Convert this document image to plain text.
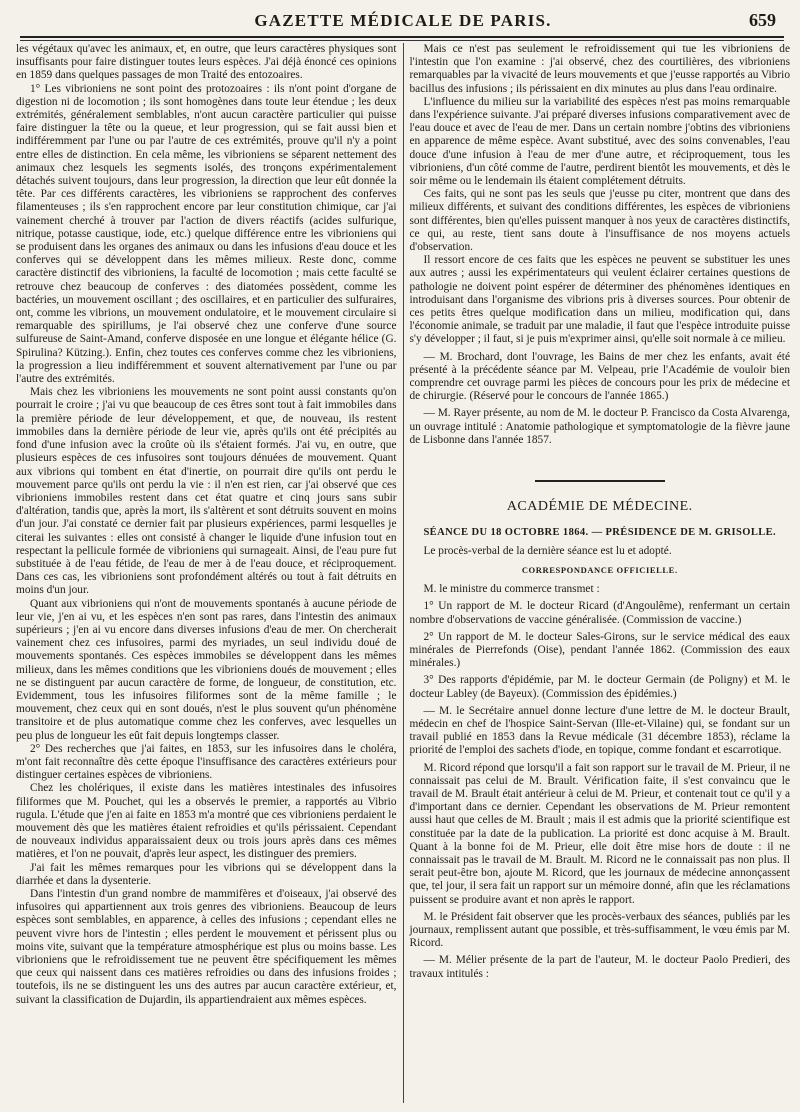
GAZETTE MÉDICALE DE PARIS.	659

les végétaux qu'avec les animaux, et, en outre, que leurs caractères physiques sont insuffisants pour faire distinguer toutes leurs espèces. J'ai déjà énoncé ces opinions en 1859 dans quelques passages de mon Traité des entozoaires.

1° Les vibrioniens ne sont point des protozoaires : ils n'ont point d'organe de digestion ni de locomotion ; ils sont homogènes dans toute leur étendue ; les deux extrémités, généralement semblables, n'ont aucun caractère particulier qui puisse faire distinguer la tête ou la queue, et leur progression, qui se fait aussi bien et indifféremment par l'une ou par l'autre de ces extrémités, prouve qu'il n'y a point entre elles de distinction. En cela même, les vibrioniens se séparent nettement des animaux chez lesquels les segments isolés, des tronçons expérimentalement détachés suivent toujours, dans leur progression, la direction que leur eût donnée la tête. Par ces différents caractères, les vibrioniens se rapprochent des conferves filamenteuses ; ils s'en rapprochent encore par leur constitution chimique, car j'ai vainement cherché à trouver par l'action de divers réactifs (acides sulfurique, nitrique, potasse caustique, iode, etc.) quelque différence entre les vibrioniens qui se produisent dans les organes des animaux ou dans les infusions d'eau douce et les conferves qui se développent dans les mêmes milieux. Reste donc, comme caractère distinctif des vibrioniens, la faculté de locomotion ; mais cette faculté se retrouve chez beaucoup de conferves : des diatomées possèdent, comme les bactéries, un mouvement oscillant ; des oscillaires, et en particulier des sulfuraires, ont, comme les vibrions, un mouvement ondulatoire, et le mouvement circulaire si remarquable des spirillums, je l'ai observé chez une conferve d'une source sulfureuse de Saint-Amand, conferve disposée en une longue et élégante hélice (G. Spirulina? Kützing.). Enfin, chez toutes ces conferves comme chez les vibrioniens, la progression a lieu indifféremment et souvent alternativement par l'une ou par l'autre des extrémités.

Mais chez les vibrioniens les mouvements ne sont point aussi constants qu'on pourrait le croire ; j'ai vu que beaucoup de ces êtres sont tout à fait immobiles dans la première période de leur développement, et que, de nouveau, ils restent immobiles dans la dernière période de leur vie, après qu'ils ont été précipités au fond d'une infusion avec la croûte où ils s'étaient formés. J'ai vu, en outre, que plusieurs espèces de ces infusoires sont toujours dénuées de mouvement. Quant aux vibrions qui tombent en état d'inertie, on pourrait dire qu'ils ont perdu le mouvement parce qu'ils ont perdu la vie : il n'en est rien, car j'ai observé que ces vibrioniens immobiles restent dans cet état quatre et cinq jours sans subir d'altération, tandis que, après la mort, ils s'altèrent et sont détruits souvent en moins d'un jour. J'ai constaté ce dernier fait par plusieurs expériences, parmi lesquelles je citerai les suivantes : elles ont consisté à changer le liquide d'une infusion tout en respectant la pellicule formée de vibrioniens qui surnageait. Ainsi, de l'eau pure fut substituée à de l'eau fétide, de l'eau de mer à de l'eau douce, et réciproquement. Dans ces cas, les vibrioniens sont profondément altérés ou tout à fait détruits en moins d'un jour.

Quant aux vibrioniens qui n'ont de mouvements spontanés à aucune période de leur vie, j'en ai vu, et les espèces n'en sont pas rares, dans l'intestin des animaux supérieurs ; j'en ai vu encore dans diverses infusions d'eau de mer. On chercherait vainement chez ces infusoires, parmi des myriades, un seul individu doué de mouvements spontanés. Ces espèces immobiles se développent dans les mêmes milieux, dans les mêmes conditions que les vibrioniens doués de mouvement ; elles ne se distinguent par aucun caractère de forme, de longueur, de constitution, etc. Evidemment, tous les infusoires filiformes sont de la même famille ; le mouvement, chez ceux qui en sont doués, n'est le plus souvent qu'un phénomène transitoire et de plus automatique comme chez les conferves, avec lesquelles un peu plus de longueur les eût fait depuis longtemps classer.

2° Des recherches que j'ai faites, en 1853, sur les infusoires dans le choléra, m'ont fait reconnaître dès cette époque l'insuffisance des caractères extérieurs pour distinguer certaines espèces de vibrioniens.

Chez les cholériques, il existe dans les matières intestinales des infusoires filiformes que M. Pouchet, qui les a observés le premier, a rapportés au Vibrio rugula. L'étude que j'en ai faite en 1853 m'a montré que ces vibrioniens perdaient le mouvement dès que les matières étaient refroidies et qu'ils périssaient. Cependant de nouveaux individus apparaissaient deux ou trois jours après dans ces mêmes matières, et l'on ne pouvait, d'après leur aspect, les distinguer des premiers.

J'ai fait les mêmes remarques pour les vibrions qui se développent dans la diarrhée et dans la dysenterie.

Dans l'intestin d'un grand nombre de mammifères et d'oiseaux, j'ai observé des infusoires qui appartiennent aux trois genres des vibrioniens. Beaucoup de leurs espèces sont semblables, en apparence, à celles des infusions ; cependant elles ne peuvent vivre hors de l'intestin ; elles perdent le mouvement et périssent plus ou moins vite, suivant que la température atmosphérique est plus ou moins basse. Les vibrioniens que le refroidissement tue ne peuvent être spécifiquement les mêmes que ceux qui naissent dans ces matières refroidies ou dans des infusions froides ; toutefois, ils ne se distinguent les uns des autres par aucun caractère extérieur, et, suivant la classification de Dujardin, ils appartiendraient aux mêmes espèces.

Mais ce n'est pas seulement le refroidissement qui tue les vibrioniens de l'intestin que l'on examine : j'ai observé, chez des courtilières, des vibrioniens remarquables par la vivacité de leurs mouvements et que j'eusse rapportés au Vibrio bacillus des infusions ; ils périssaient en dix minutes au plus dans l'eau ordinaire.

L'influence du milieu sur la variabilité des espèces n'est pas moins remarquable dans l'expérience suivante. J'ai préparé diverses infusions comparativement avec de l'eau douce et avec de l'eau de mer. Dans un certain nombre j'obtins des vibrioniens en apparence de même espèce. Avant substitué, avec des soins convenables, l'eau douce d'une infusion à l'eau de mer d'une autre, et réciproquement, tous les vibrioniens, d'un côté comme de l'autre, perdirent bientôt les mouvements, et dès le soir même ou le lendemain ils étaient complétement détruits.

Ces faits, qui ne sont pas les seuls que j'eusse pu citer, montrent que dans des milieux différents, et suivant des conditions différentes, les espèces de vibrioniens sont différentes, bien qu'elles puissent manquer à nos yeux de caractères distinctifs, ce qui, au reste, tient sans doute à l'insuffisance de nos moyens actuels d'observation.

Il ressort encore de ces faits que les espèces ne peuvent se substituer les unes aux autres ; aussi les expérimentateurs qui veulent éclairer certaines questions de pathologie ne doivent point espérer de déterminer des phénomènes identiques en introduisant dans l'organisme des vibrions pris à diverses sources. Pour obtenir de ces petits êtres quelque modification dans un milieu, modification qui, dans l'économie animale, se traduit par une maladie, il faut que l'espèce introduite puisse s'y développer ; il faut, si je puis m'exprimer ainsi, qu'elle soit normale à ce milieu.

— M. Brochard, dont l'ouvrage, les Bains de mer chez les enfants, avait été présenté à la précédente séance par M. Velpeau, prie l'Académie de vouloir bien comprendre cet ouvrage parmi les pièces de concours pour les prix de médecine et de chirurgie. (Réservé pour le concours de l'année 1865.)

— M. Rayer présente, au nom de M. le docteur P. Francisco da Costa Alvarenga, un ouvrage intitulé : Anatomie pathologique et symptomatologie de la fièvre jaune de Lisbonne dans l'année 1857.

ACADÉMIE DE MÉDECINE.
SÉANCE DU 18 OCTOBRE 1864. — PRÉSIDENCE DE M. GRISOLLE.

Le procès-verbal de la dernière séance est lu et adopté.

CORRESPONDANCE OFFICIELLE.

M. le ministre du commerce transmet :

1° Un rapport de M. le docteur Ricard (d'Angoulême), renfermant un certain nombre d'observations de vaccine généralisée. (Commission de vaccine.)

2° Un rapport de M. le docteur Sales-Girons, sur le service médical des eaux minérales de Pierrefonds (Oise), pendant l'année 1862. (Commission des eaux minérales.)

3° Des rapports d'épidémie, par M. le docteur Germain (de Poligny) et M. le docteur Labley (de Bayeux). (Commission des épidémies.)

— M. le Secrétaire annuel donne lecture d'une lettre de M. le docteur Brault, médecin en chef de l'hospice Saint-Servan (Ille-et-Vilaine) qui, se fondant sur un travail publié en 1853 dans la Revue médicale (31 décembre 1853), réclame la priorité de l'emploi des sachets d'iode, en topique, comme fondant et escarrotique.

M. Ricord répond que lorsqu'il a fait son rapport sur le travail de M. Prieur, il ne connaissait pas celui de M. Brault. Vérification faite, il s'est convaincu que le travail de M. Brault était antérieur à celui de M. Prieur, et contenait tout ce qu'il y a d'important dans ce dernier. Cependant les observations de M. Prieur remontent aussi haut que celles de M. Brault ; mais il est admis que la priorité scientifique est constituée par la date de la publication. La priorité est donc acquise à M. Brault. Quant à la bonne foi de M. Prieur, elle doit être mise hors de doute : il ne connaissait pas le travail de M. Brault. M. Ricord ne le connaissait pas non plus. Il serait peut-être bon, ajoute M. Ricord, que les journaux de médecine annonçassent que, tel jour, il sera fait un rapport sur un mémoire donné, afin que les réclamations puissent se produire avant et non après le rapport.

M. le Président fait observer que les procès-verbaux des séances, publiés par les journaux, remplissent autant que possible, et très-suffisamment, le vœu émis par M. Ricord.

— M. Mélier présente de la part de l'auteur, M. le docteur Paolo Predieri, des travaux intitulés :
